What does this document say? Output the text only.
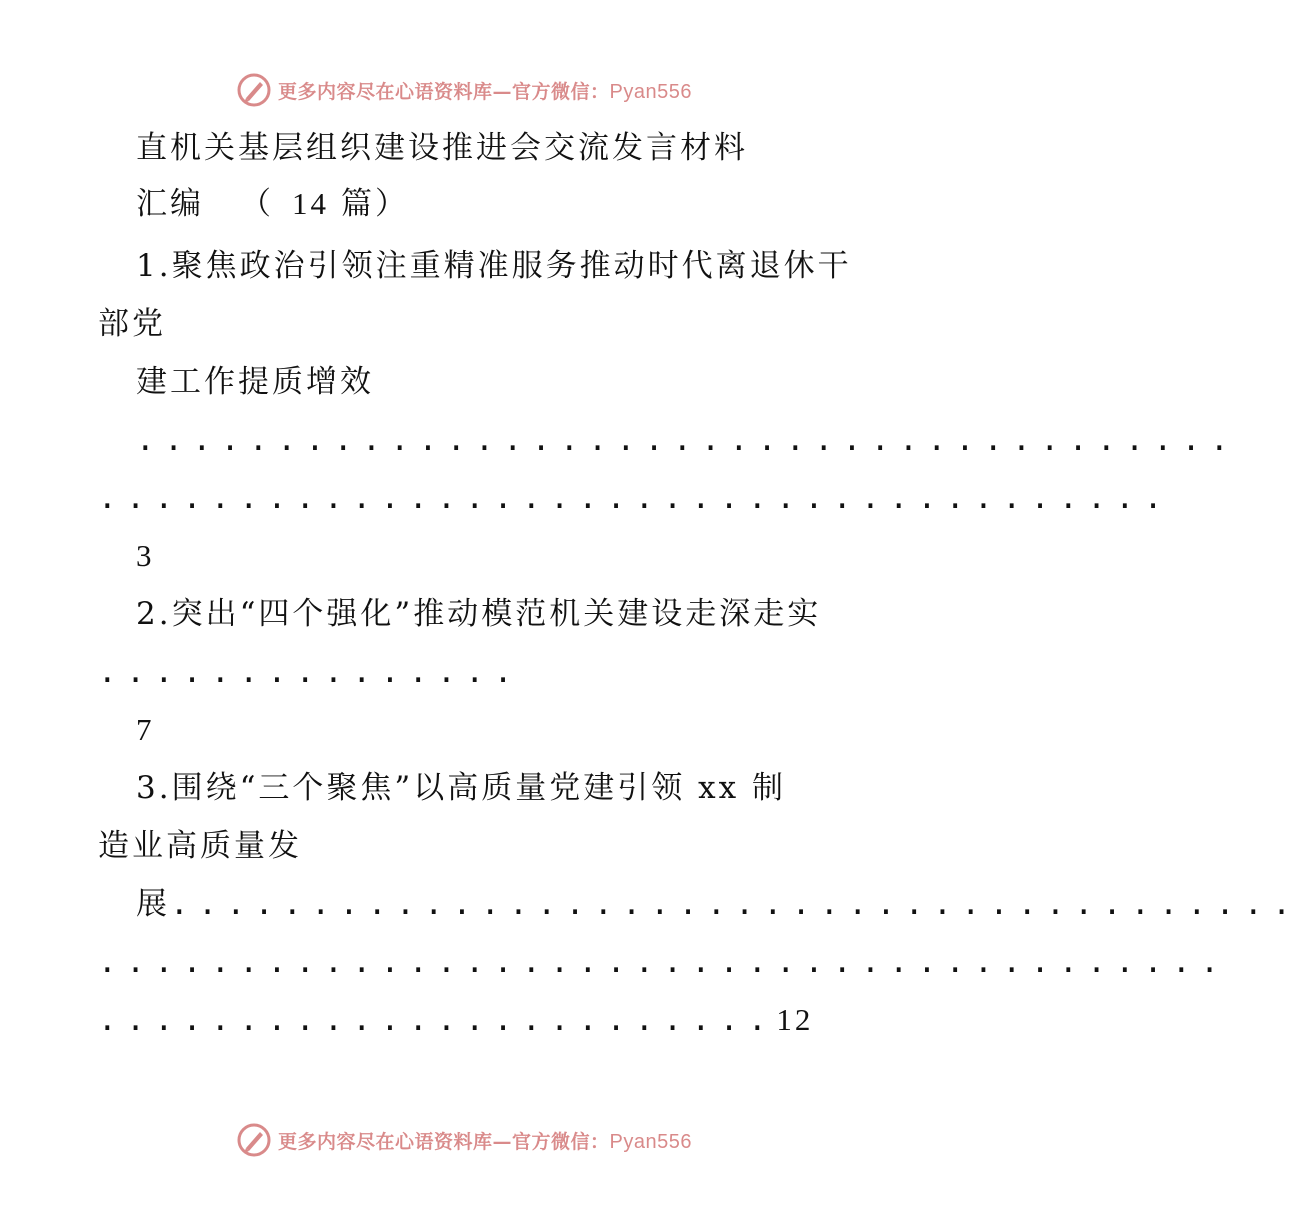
更多内容尽在心语资料库—官方微信：Pyan556
直机关基层组织建设推进会交流发言材料
汇编 （ 14 篇）
1.聚焦政治引领注重精准服务推动时代离退休干
部党
建工作提质增效
.......................................
......................................
3
2.突出“四个强化”推动模范机关建设走深走实
...............
7
3.围绕“三个聚焦”以高质量党建引领 xx 制
造业高质量发
展........................................
........................................
........................12
更多内容尽在心语资料库—官方微信：Pyan556
